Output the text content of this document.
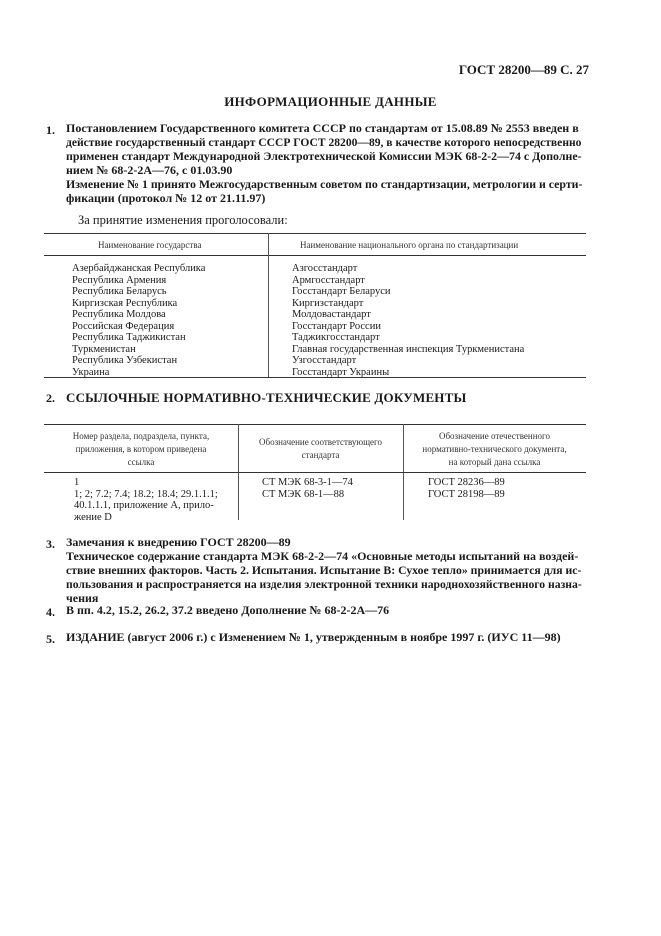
ГОСТ 28200—89 С. 27
ИНФОРМАЦИОННЫЕ ДАННЫЕ
1. Постановлением Государственного комитета СССР по стандартам от 15.08.89 № 2553 введен в
действие государственный стандарт СССР ГОСТ 28200—89, в качестве которого непосредственно
применен стандарт Международной Электротехнической Комиссии МЭК 68-2-2—74 с Дополне-
нием № 68-2-2А—76, с 01.03.90
Изменение № 1 принято Межгосударственным советом по стандартизации, метрологии и серти-
фикации (протокол № 12 от 21.11.97)
За принятие изменения проголосовали:
Наименование государства	Наименование национального органа по стандартизации
Азербайджанская Республика
Республика Армения
Республика Беларусь
Киргизская Республика
Республика Молдова
Российская Федерация
Республика Таджикистан
Туркменистан
Республика Узбекистан
Украина
Азгосстандарт
Армгосстандарт
Госстандарт Беларуси
Киргизстандарт
Молдовастандарт
Госстандарт России
Таджикгосстандарт
Главная государственная инспекция Туркменистана
Узгосстандарт
Госстандарт Украины
2. ССЫЛОЧНЫЕ НОРМАТИВНО-ТЕХНИЧЕСКИЕ ДОКУМЕНТЫ
Номер раздела, подраздела, пункта,
приложения, в котором приведена
ссылка
Обозначение соответствующего
стандарта
Обозначение отечественного
нормативно-технического документа,
на который дана ссылка
1
1; 2; 7.2; 7.4; 18.2; 18.4; 29.1.1.1;
40.1.1.1, приложение А, прило-
жение D
СТ МЭК 68-3-1—74
СТ МЭК 68-1—88
ГОСТ 28236—89
ГОСТ 28198—89
3. Замечания к внедрению ГОСТ 28200—89
Техническое содержание стандарта МЭК 68-2-2—74 «Основные методы испытаний на воздей-
ствие внешних факторов. Часть 2. Испытания. Испытание В: Сухое тепло» принимается для ис-
пользования и распространяется на изделия электронной техники народнохозяйственного назна-
чения
4. В пп. 4.2, 15.2, 26.2, 37.2 введено Дополнение № 68-2-2А—76
5. ИЗДАНИЕ (август 2006 г.) с Изменением № 1, утвержденным в ноябре 1997 г. (ИУС 11—98)
